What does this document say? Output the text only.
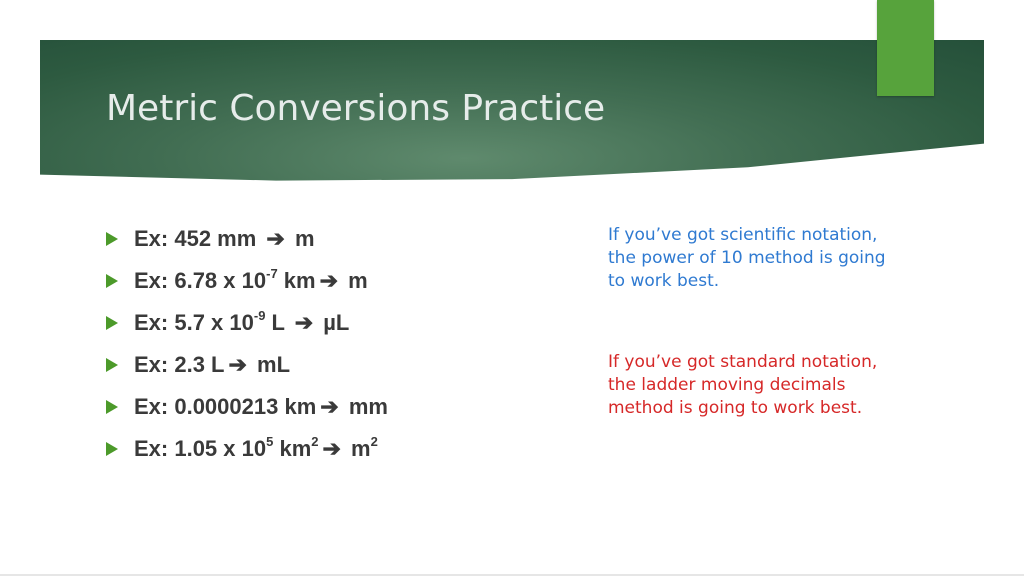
Metric Conversions Practice
Ex: 452 mm ➔ m
Ex: 6.78 x $10^{-7}$ km ➔ m
Ex: 5.7 x $10^{-9}$ L ➔ µL
Ex: 2.3 L ➔ mL
Ex: 0.0000213 km ➔ mm
Ex: 1.05 x $10^5$ $km^2$ ➔ $m^2$

If you’ve got scientific notation, the power of 10 method is going to work best.

If you’ve got standard notation, the ladder moving decimals method is going to work best.
